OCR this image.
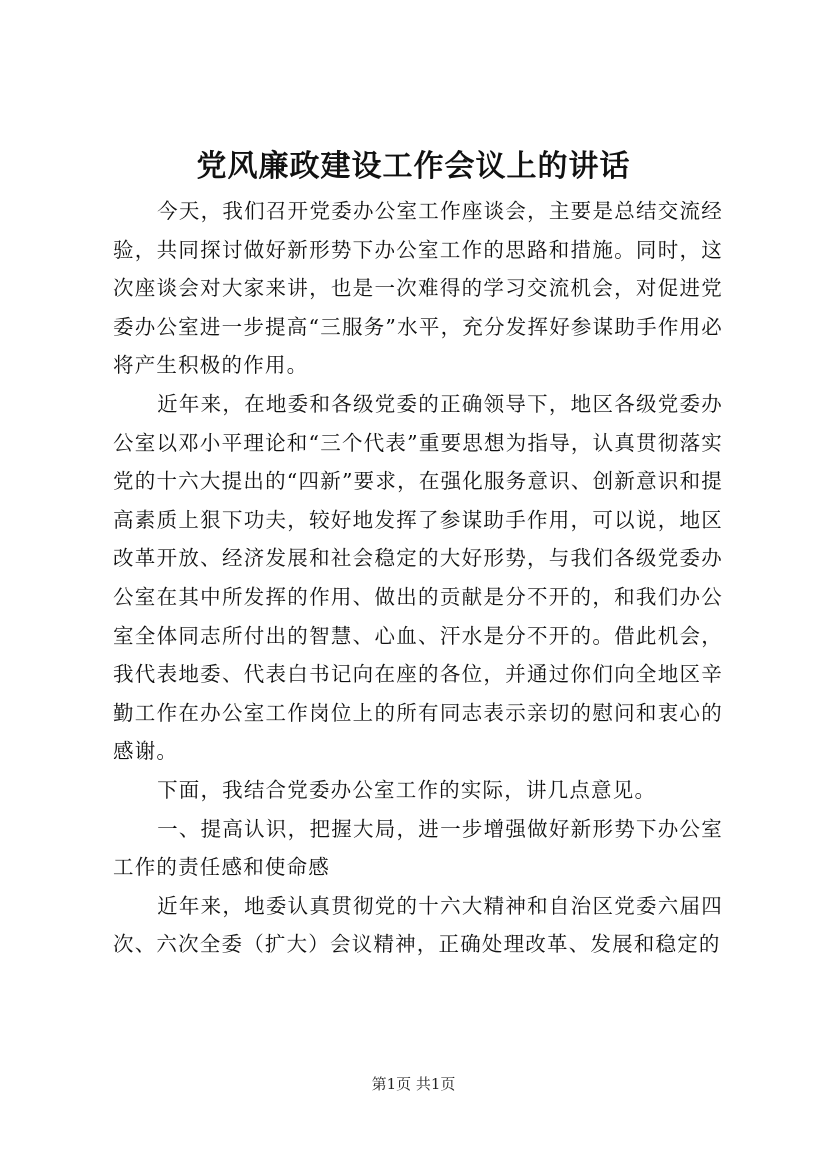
党风廉政建设工作会议上的讲话

今天，我们召开党委办公室工作座谈会，主要是总结交流经验，共同探讨做好新形势下办公室工作的思路和措施。同时，这次座谈会对大家来讲，也是一次难得的学习交流机会，对促进党委办公室进一步提高“三服务”水平，充分发挥好参谋助手作用必将产生积极的作用。

近年来，在地委和各级党委的正确领导下，地区各级党委办公室以邓小平理论和“三个代表”重要思想为指导，认真贯彻落实党的十六大提出的“四新”要求，在强化服务意识、创新意识和提高素质上狠下功夫，较好地发挥了参谋助手作用，可以说，地区改革开放、经济发展和社会稳定的大好形势，与我们各级党委办公室在其中所发挥的作用、做出的贡献是分不开的，和我们办公室全体同志所付出的智慧、心血、汗水是分不开的。借此机会，我代表地委、代表白书记向在座的各位，并通过你们向全地区辛勤工作在办公室工作岗位上的所有同志表示亲切的慰问和衷心的感谢。

下面，我结合党委办公室工作的实际，讲几点意见。

一、提高认识，把握大局，进一步增强做好新形势下办公室工作的责任感和使命感

近年来，地委认真贯彻党的十六大精神和自治区党委六届四次、六次全委（扩大）会议精神，正确处理改革、发展和稳定的

第1页 共1页
